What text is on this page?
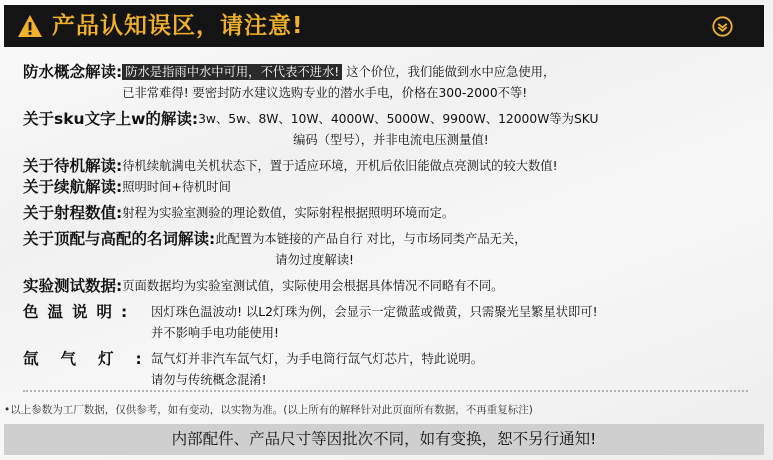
产品认知误区，请注意!
防水概念解读: 防水是指雨中水中可用，不代表不进水! 这个价位，我们能做到水中应急使用，
已非常难得! 要密封防水建议选购专业的潜水手电，价格在300-2000不等!
关于sku文字上w的解读: 3w、5w、8W、10W、4000W、5000W、9900W、12000W等为SKU
编码（型号），并非电流电压测量值!
关于待机解读: 待机续航满电关机状态下，置于适应环境，开机后依旧能做点亮测试的较大数值!
关于续航解读: 照明时间+待机时间
关于射程数值: 射程为实验室测验的理论数值，实际射程根据照明环境而定。
关于顶配与高配的名词解读: 此配置为本链接的产品自行 对比，与市场同类产品无关，
请勿过度解读!
实验测试数据: 页面数据均为实验室测试值，实际使用会根据具体情况不同略有不同。
色温说明:	因灯珠色温波动! 以L2灯珠为例，会显示一定微蓝或微黄，只需聚光呈繁星状即可!
并不影响手电功能使用!
氙气灯:
氙气灯并非汽车氙气灯，为手电筒行氙气灯芯片，特此说明。
请勿与传统概念混淆!
•以上参数为工厂数据，仅供参考，如有变动，以实物为准。(以上所有的解释针对此页面所有数据，不再重复标注)
内部配件、产品尺寸等因批次不同，如有变换，恕不另行通知!
